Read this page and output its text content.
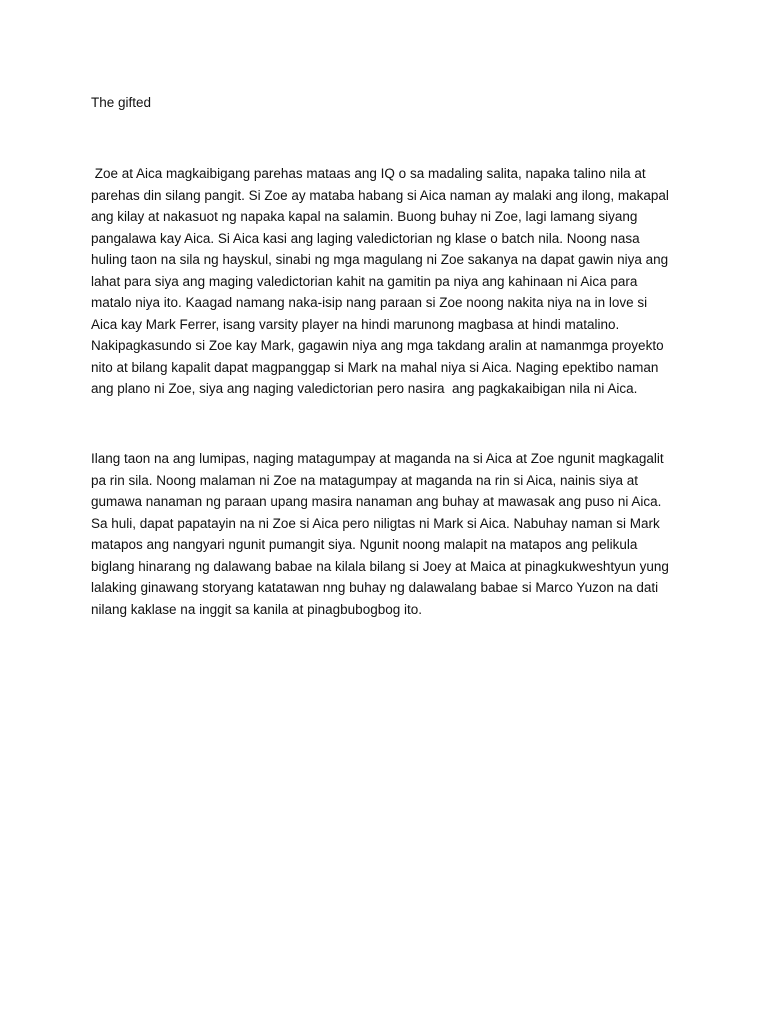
The gifted
Zoe at Aica magkaibigang parehas mataas ang IQ o sa madaling salita, napaka talino nila at
parehas din silang pangit. Si Zoe ay mataba habang si Aica naman ay malaki ang ilong, makapal
ang kilay at nakasuot ng napaka kapal na salamin. Buong buhay ni Zoe, lagi lamang siyang
pangalawa kay Aica. Si Aica kasi ang laging valedictorian ng klase o batch nila. Noong nasa
huling taon na sila ng hayskul, sinabi ng mga magulang ni Zoe sakanya na dapat gawin niya ang
lahat para siya ang maging valedictorian kahit na gamitin pa niya ang kahinaan ni Aica para
matalo niya ito. Kaagad namang naka-isip nang paraan si Zoe noong nakita niya na in love si
Aica kay Mark Ferrer, isang varsity player na hindi marunong magbasa at hindi matalino.
Nakipagkasundo si Zoe kay Mark, gagawin niya ang mga takdang aralin at namanmga proyekto
nito at bilang kapalit dapat magpanggap si Mark na mahal niya si Aica. Naging epektibo naman
ang plano ni Zoe, siya ang naging valedictorian pero nasira  ang pagkakaibigan nila ni Aica.
Ilang taon na ang lumipas, naging matagumpay at maganda na si Aica at Zoe ngunit magkagalit
pa rin sila. Noong malaman ni Zoe na matagumpay at maganda na rin si Aica, nainis siya at
gumawa nanaman ng paraan upang masira nanaman ang buhay at mawasak ang puso ni Aica.
Sa huli, dapat papatayin na ni Zoe si Aica pero niligtas ni Mark si Aica. Nabuhay naman si Mark
matapos ang nangyari ngunit pumangit siya. Ngunit noong malapit na matapos ang pelikula
biglang hinarang ng dalawang babae na kilala bilang si Joey at Maica at pinagkukweshtyun yung
lalaking ginawang storyang katatawan nng buhay ng dalawalang babae si Marco Yuzon na dati
nilang kaklase na inggit sa kanila at pinagbubogbog ito.
